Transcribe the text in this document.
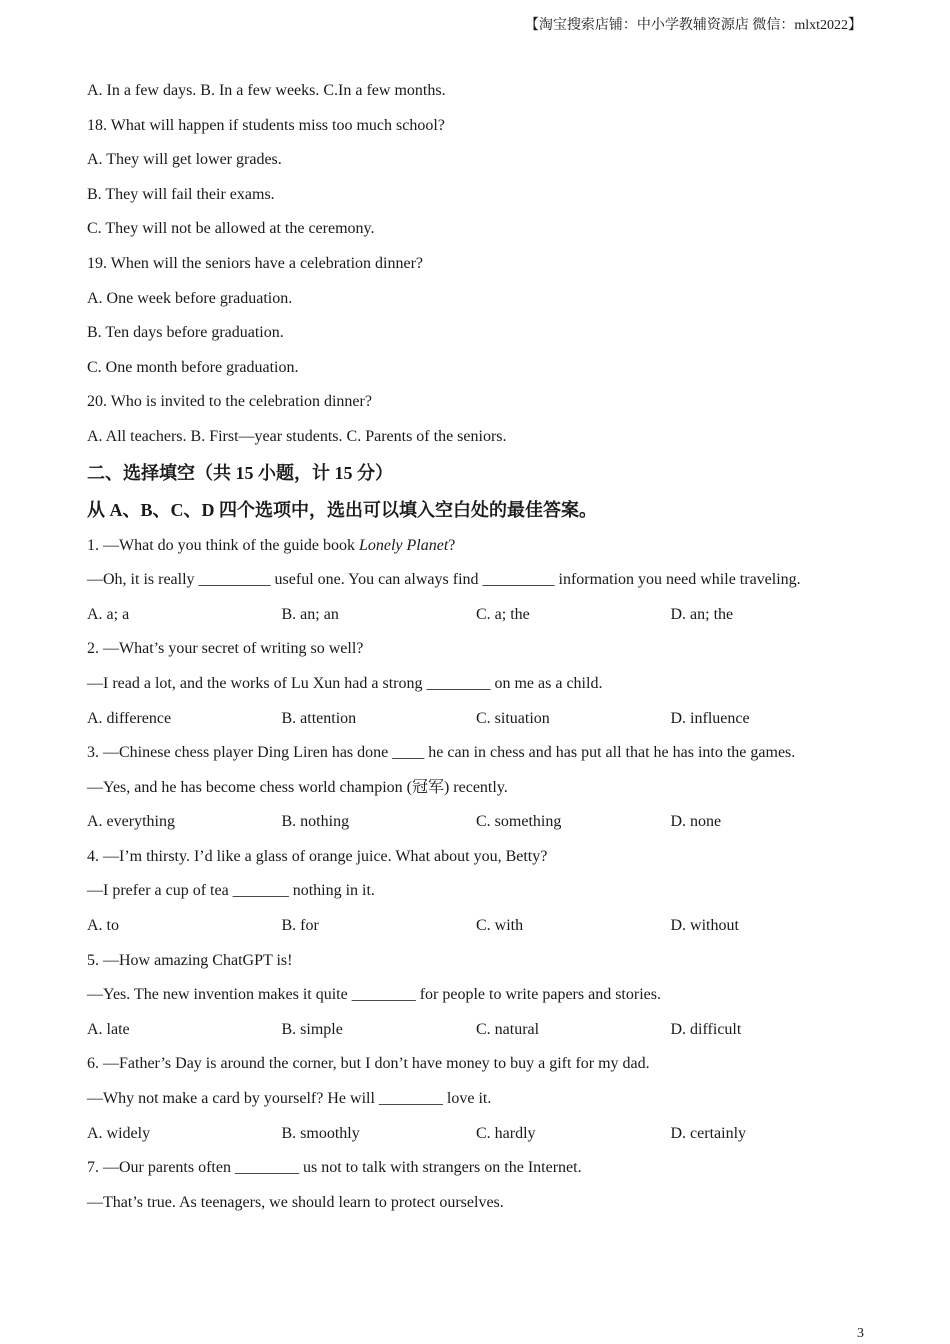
【淘宝搜索店铺：中小学教辅资源店 微信：mlxt2022】
A. In a few days. B. In a few weeks. C.In a few months.
18. What will happen if students miss too much school?
A. They will get lower grades.
B. They will fail their exams.
C. They will not be allowed at the ceremony.
19. When will the seniors have a celebration dinner?
A. One week before graduation.
B. Ten days before graduation.
C. One month before graduation.
20. Who is invited to the celebration dinner?
A. All teachers. B. First—year students. C. Parents of the seniors.
二、选择填空（共 15 小题，计 15 分）
从 A、B、C、D 四个选项中，选出可以填入空白处的最佳答案。
1. —What do you think of the guide book Lonely Planet?
—Oh, it is really _________ useful one. You can always find _________ information you need while traveling.
A. a; a	B. an; an	C. a; the	D. an; the
2. —What’s your secret of writing so well?
—I read a lot, and the works of Lu Xun had a strong ________ on me as a child.
A. difference	B. attention	C. situation	D. influence
3. —Chinese chess player Ding Liren has done ____ he can in chess and has put all that he has into the games.
—Yes, and he has become chess world champion (冠军) recently.
A. everything	B. nothing	C. something	D. none
4. —I’m thirsty. I’d like a glass of orange juice. What about you, Betty?
—I prefer a cup of tea _______ nothing in it.
A. to	B. for	C. with	D. without
5. —How amazing ChatGPT is!
—Yes. The new invention makes it quite ________ for people to write papers and stories.
A. late	B. simple	C. natural	D. difficult
6. —Father’s Day is around the corner, but I don’t have money to buy a gift for my dad.
—Why not make a card by yourself? He will ________ love it.
A. widely	B. smoothly	C. hardly	D. certainly
7. —Our parents often ________ us not to talk with strangers on the Internet.
—That’s true. As teenagers, we should learn to protect ourselves.
3
